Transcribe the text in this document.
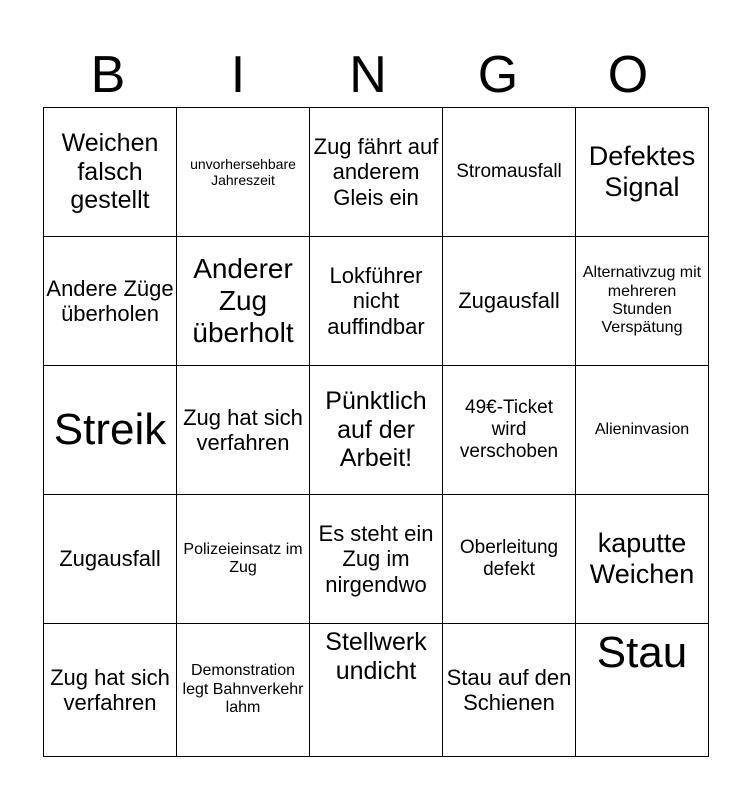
B	I	N	G	O
Weichen falsch gestellt	unvorhersehbare Jahreszeit	Zug fährt auf anderem Gleis ein	Stromausfall	Defektes Signal
Andere Züge überholen	Anderer Zug überholt	Lokführer nicht auffindbar	Zugausfall	Alternativzug mit mehreren Stunden Verspätung
Streik	Zug hat sich verfahren	Pünktlich auf der Arbeit!	49€-Ticket wird verschoben	Alieninvasion
Zugausfall	Polizeieinsatz im Zug	Es steht ein Zug im nirgendwo	Oberleitung defekt	kaputte Weichen
Zug hat sich verfahren	Demonstration legt Bahnverkehr lahm	Stellwerk undicht	Stau auf den Schienen	Stau
